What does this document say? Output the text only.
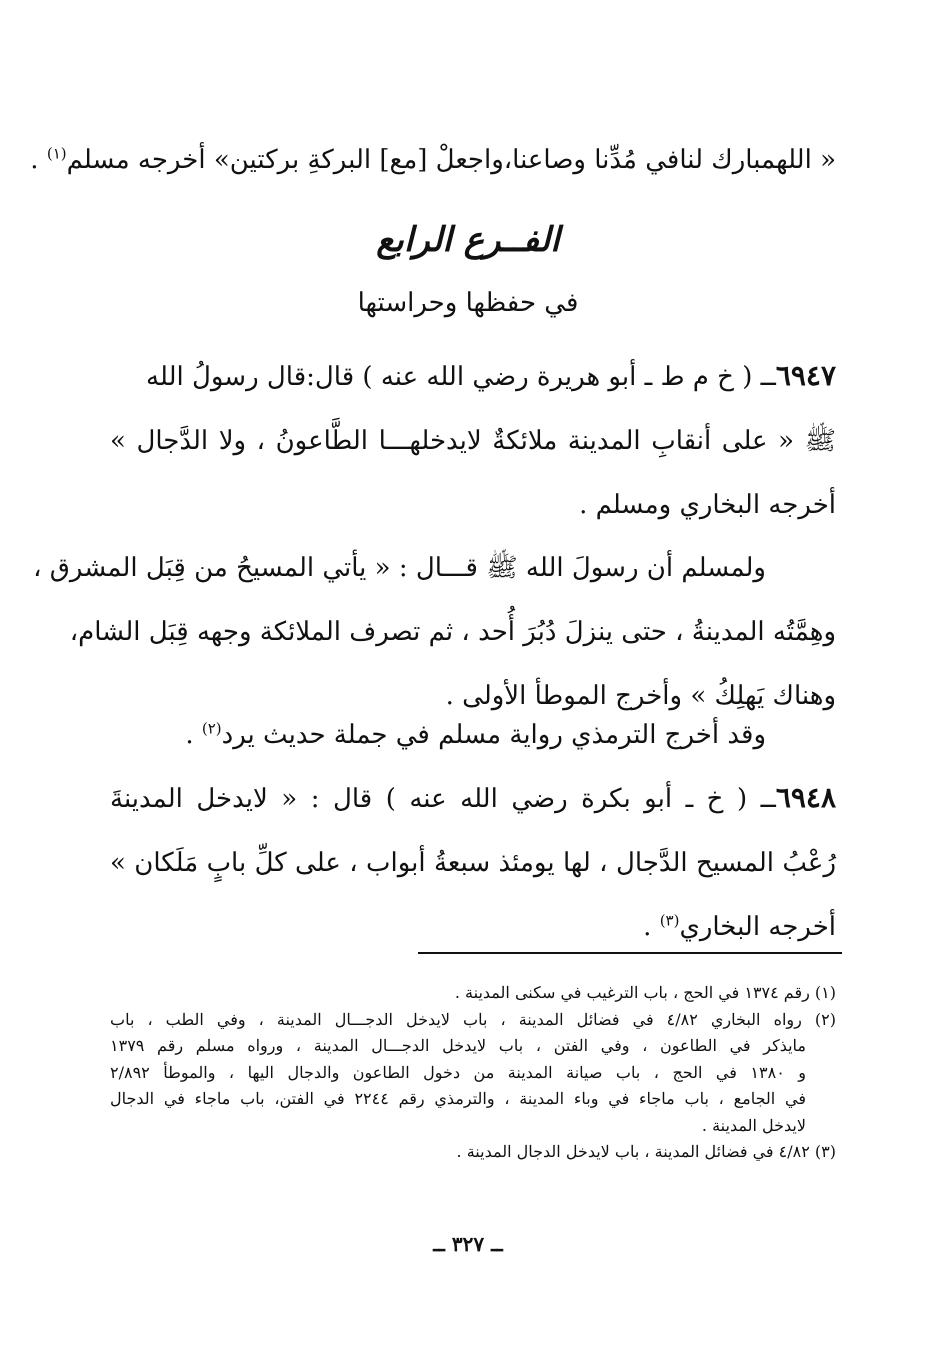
« اللهمبارك لنافي مُدِّنا وصاعنا،واجعلْ [مع] البركةِ بركتين» أخرجه مسلم$^{(١)}$ .
الفــرع الرابع
في حفظها وحراستها
٦٩٤٧ــ ( خ م ط ـ أبو هريرة رضي الله عنه ) قال:قال رسولُ الله
ﷺ « على أنقابِ المدينة ملائكةٌ لايدخلهـــا الطَّاعونُ ، ولا الدَّجال »
أخرجه البخاري ومسلم .
ولمسلم أن رسولَ الله ﷺ قـــال : « يأتي المسيحُ من قِبَل المشرق ،
وهِمَّتُه المدينةُ ، حتى ينزلَ دُبُرَ أُحد ، ثم تصرف الملائكة وجهه قِبَل الشام،
وهناك يَهلِكُ » وأخرج الموطأ الأولى .
وقد أخرج الترمذي رواية مسلم في جملة حديث يرد$^{(٢)}$ .
٦٩٤٨ــ ( خ ـ أبو بكرة رضي الله عنه ) قال : « لايدخل المدينةَ
رُعْبُ المسيح الدَّجال ، لها يومئذ سبعةُ أبواب ، على كلِّ بابٍ مَلَكان »
أخرجه البخاري$^{(٣)}$ .
(١) رقم ١٣٧٤ في الحج ، باب الترغيب في سكنى المدينة .
(٢) رواه البخاري ٤/٨٢ في فضائل المدينة ، باب لايدخل الدجـــال المدينة ، وفي الطب ، باب
مايذكر في الطاعون ، وفي الفتن ، باب لايدخل الدجـــال المدينة ، ورواه مسلم رقم ١٣٧٩
و ١٣٨٠ في الحج ، باب صيانة المدينة من دخول الطاعون والدجال اليها ، والموطأ ٢/٨٩٢
في الجامع ، باب ماجاء في وباء المدينة ، والترمذي رقم ٢٢٤٤ في الفتن، باب ماجاء في الدجال
لايدخل المدينة .
(٣) ٤/٨٢ في فضائل المدينة ، باب لايدخل الدجال المدينة .
ــ ٣٢٧ ــ
